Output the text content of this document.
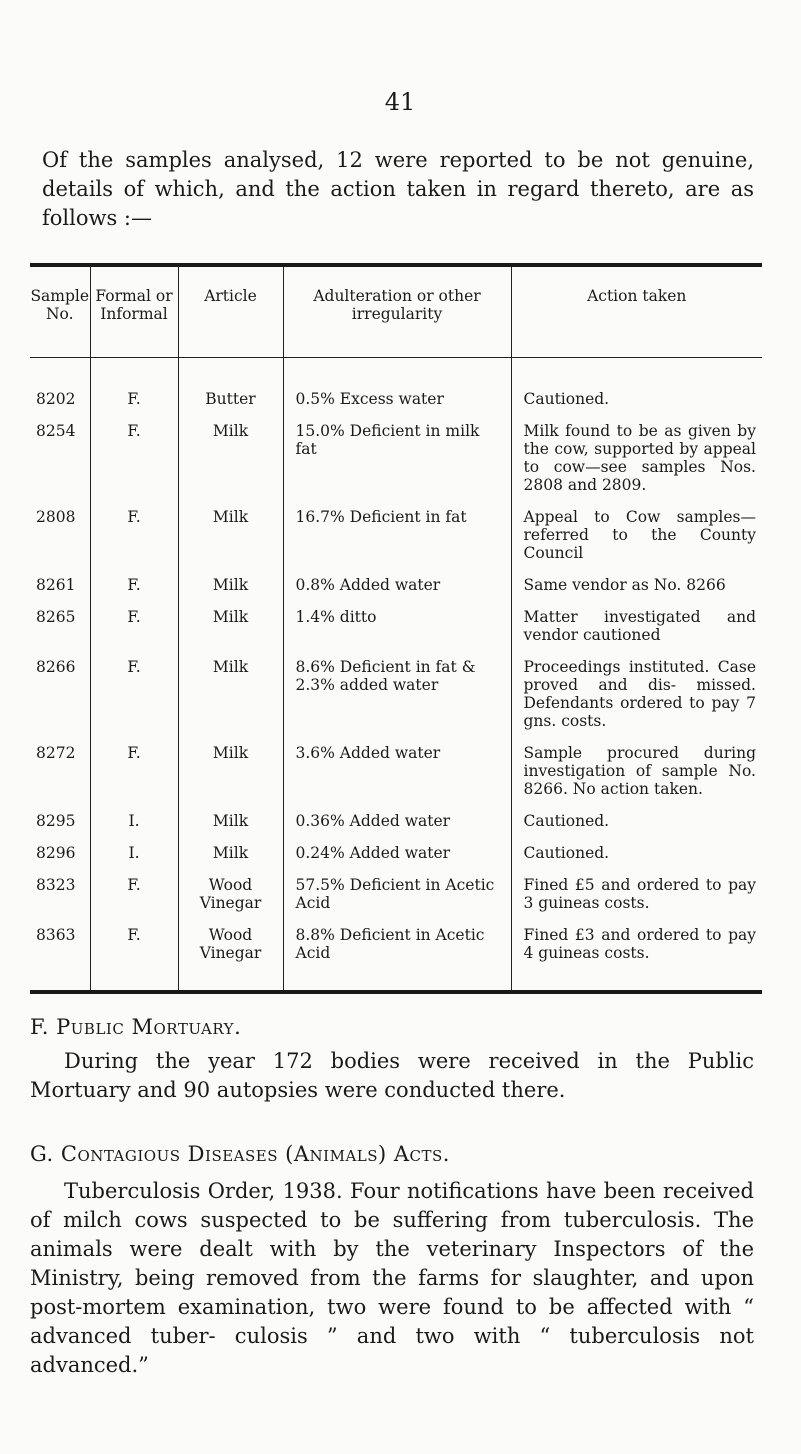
41

Of the samples analysed, 12 were reported to be not genuine, details of which, and the action taken in regard thereto, are as follows :—

Sample No.	Formal or Informal	Article	Adulteration or other irregularity	Action taken
8202	F.	Butter	0.5% Excess water	Cautioned.
8254	F.	Milk	15.0% Deficient in milk fat	Milk found to be as given by the cow, supported by appeal to cow—see samples Nos. 2808 and 2809.
2808	F.	Milk	16.7% Deficient in fat	Appeal to Cow samples— referred to the County Council
8261	F.	Milk	0.8% Added water	Same vendor as No. 8266
8265	F.	Milk	1.4% ditto	Matter investigated and vendor cautioned
8266	F.	Milk	8.6% Deficient in fat & 2.3% added water	Proceedings instituted. Case proved and dis- missed. Defendants ordered to pay 7 gns. costs.
8272	F.	Milk	3.6% Added water	Sample procured during investigation of sample No. 8266. No action taken.
8295	I.	Milk	0.36% Added water	Cautioned.
8296	I.	Milk	0.24% Added water	Cautioned.
8323	F.	Wood Vinegar	57.5% Deficient in Acetic Acid	Fined £5 and ordered to pay 3 guineas costs.
8363	F.	Wood Vinegar	8.8% Deficient in Acetic Acid	Fined £3 and ordered to pay 4 guineas costs.
F. Public Mortuary.

During the year 172 bodies were received in the Public Mortuary and 90 autopsies were conducted there.

G. Contagious Diseases (Animals) Acts.

Tuberculosis Order, 1938. Four notifications have been received of milch cows suspected to be suffering from tuberculosis. The animals were dealt with by the veterinary Inspectors of the Ministry, being removed from the farms for slaughter, and upon post-mortem examination, two were found to be affected with “ advanced tuber- culosis ” and two with “ tuberculosis not advanced.”
